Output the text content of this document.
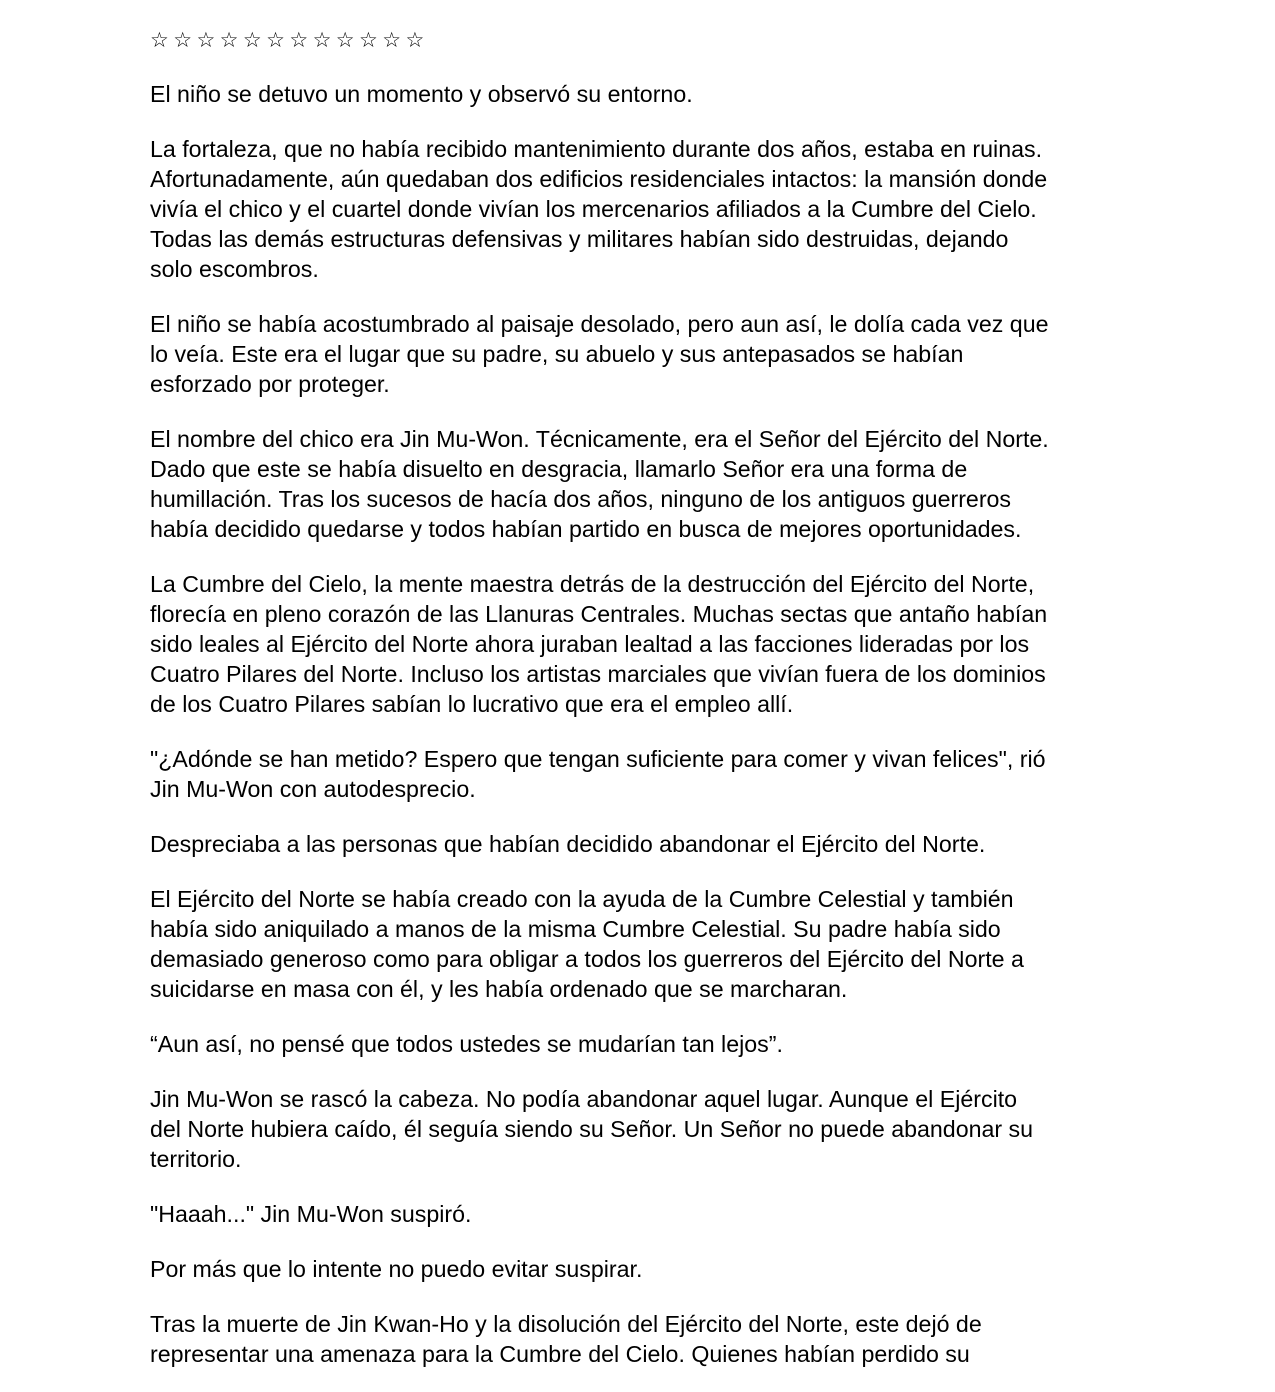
☆☆☆☆☆☆☆☆☆☆☆☆

El niño se detuvo un momento y observó su entorno.

La fortaleza, que no había recibido mantenimiento durante dos años, estaba en ruinas.
Afortunadamente, aún quedaban dos edificios residenciales intactos: la mansión donde
vivía el chico y el cuartel donde vivían los mercenarios afiliados a la Cumbre del Cielo.
Todas las demás estructuras defensivas y militares habían sido destruidas, dejando
solo escombros.

El niño se había acostumbrado al paisaje desolado, pero aun así, le dolía cada vez que
lo veía. Este era el lugar que su padre, su abuelo y sus antepasados se habían
esforzado por proteger.

El nombre del chico era Jin Mu-Won. Técnicamente, era el Señor del Ejército del Norte.
Dado que este se había disuelto en desgracia, llamarlo Señor era una forma de
humillación. Tras los sucesos de hacía dos años, ninguno de los antiguos guerreros
había decidido quedarse y todos habían partido en busca de mejores oportunidades.

La Cumbre del Cielo, la mente maestra detrás de la destrucción del Ejército del Norte,
florecía en pleno corazón de las Llanuras Centrales. Muchas sectas que antaño habían
sido leales al Ejército del Norte ahora juraban lealtad a las facciones lideradas por los
Cuatro Pilares del Norte. Incluso los artistas marciales que vivían fuera de los dominios
de los Cuatro Pilares sabían lo lucrativo que era el empleo allí.

"¿Adónde se han metido? Espero que tengan suficiente para comer y vivan felices", rió
Jin Mu-Won con autodesprecio.

Despreciaba a las personas que habían decidido abandonar el Ejército del Norte.

El Ejército del Norte se había creado con la ayuda de la Cumbre Celestial y también
había sido aniquilado a manos de la misma Cumbre Celestial. Su padre había sido
demasiado generoso como para obligar a todos los guerreros del Ejército del Norte a
suicidarse en masa con él, y les había ordenado que se marcharan.

“Aun así, no pensé que todos ustedes se mudarían tan lejos”.

Jin Mu-Won se rascó la cabeza. No podía abandonar aquel lugar. Aunque el Ejército
del Norte hubiera caído, él seguía siendo su Señor. Un Señor no puede abandonar su
territorio.

"Haaah..." Jin Mu-Won suspiró.

Por más que lo intente no puedo evitar suspirar.

Tras la muerte de Jin Kwan-Ho y la disolución del Ejército del Norte, este dejó de
representar una amenaza para la Cumbre del Cielo. Quienes habían perdido su
